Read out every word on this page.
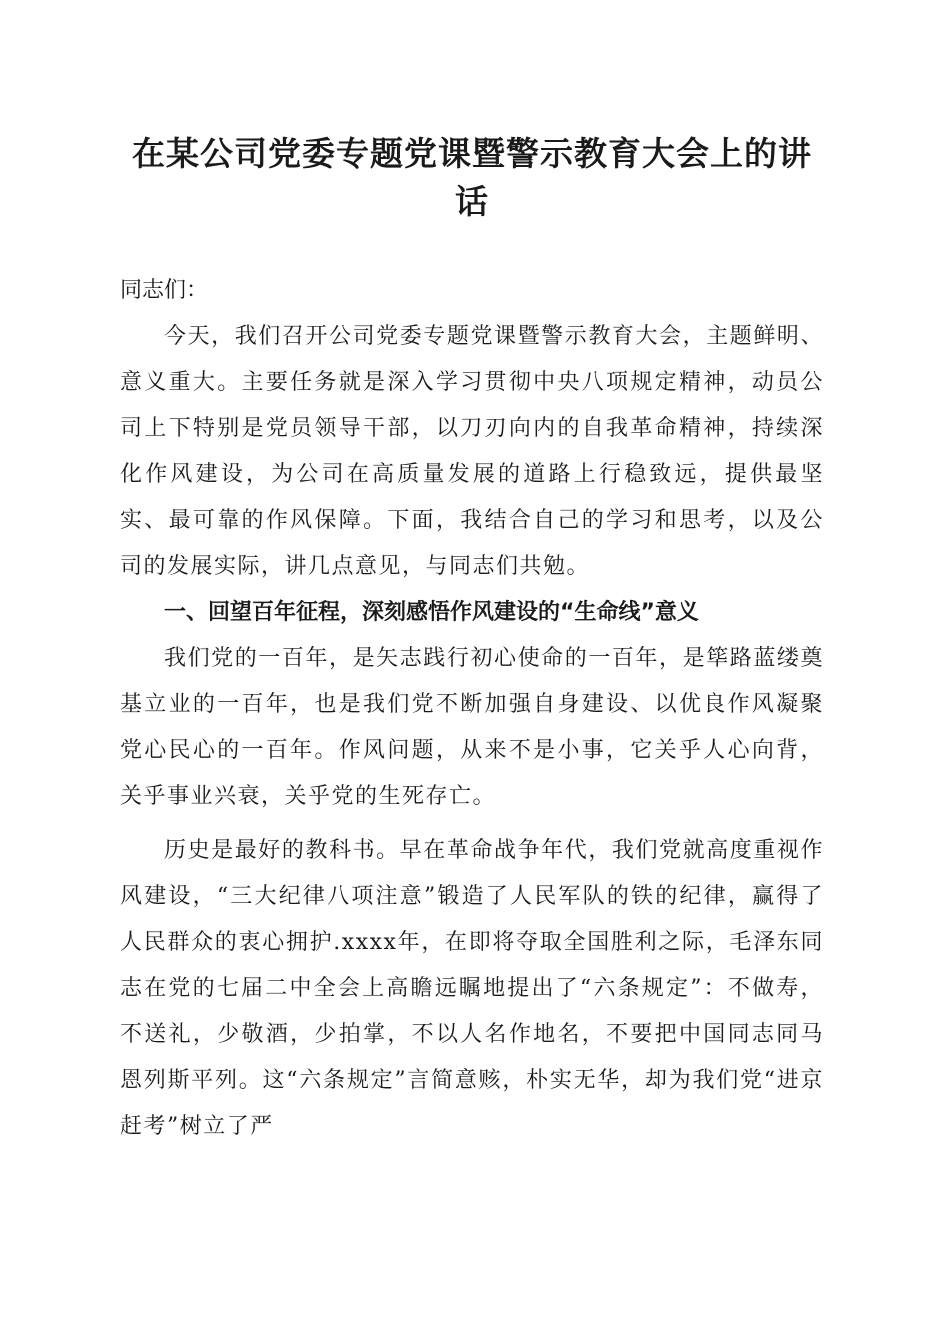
在某公司党委专题党课暨警示教育大会上的讲话

同志们：

今天，我们召开公司党委专题党课暨警示教育大会，主题鲜明、意义重大。主要任务就是深入学习贯彻中央八项规定精神，动员公司上下特别是党员领导干部，以刀刃向内的自我革命精神，持续深化作风建设，为公司在高质量发展的道路上行稳致远，提供最坚实、最可靠的作风保障。下面，我结合自己的学习和思考，以及公司的发展实际，讲几点意见，与同志们共勉。

一、回望百年征程，深刻感悟作风建设的“生命线”意义

我们党的一百年，是矢志践行初心使命的一百年，是筚路蓝缕奠基立业的一百年，也是我们党不断加强自身建设、以优良作风凝聚党心民心的一百年。作风问题，从来不是小事，它关乎人心向背，关乎事业兴衰，关乎党的生死存亡。

历史是最好的教科书。早在革命战争年代，我们党就高度重视作风建设，“三大纪律八项注意”锻造了人民军队的铁的纪律，赢得了人民群众的衷心拥护.xxxx年，在即将夺取全国胜利之际，毛泽东同志在党的七届二中全会上高瞻远瞩地提出了“六条规定”：不做寿，不送礼，少敬酒，少拍掌，不以人名作地名，不要把中国同志同马恩列斯平列。这“六条规定”言简意赅，朴实无华，却为我们党“进京赶考”树立了严
